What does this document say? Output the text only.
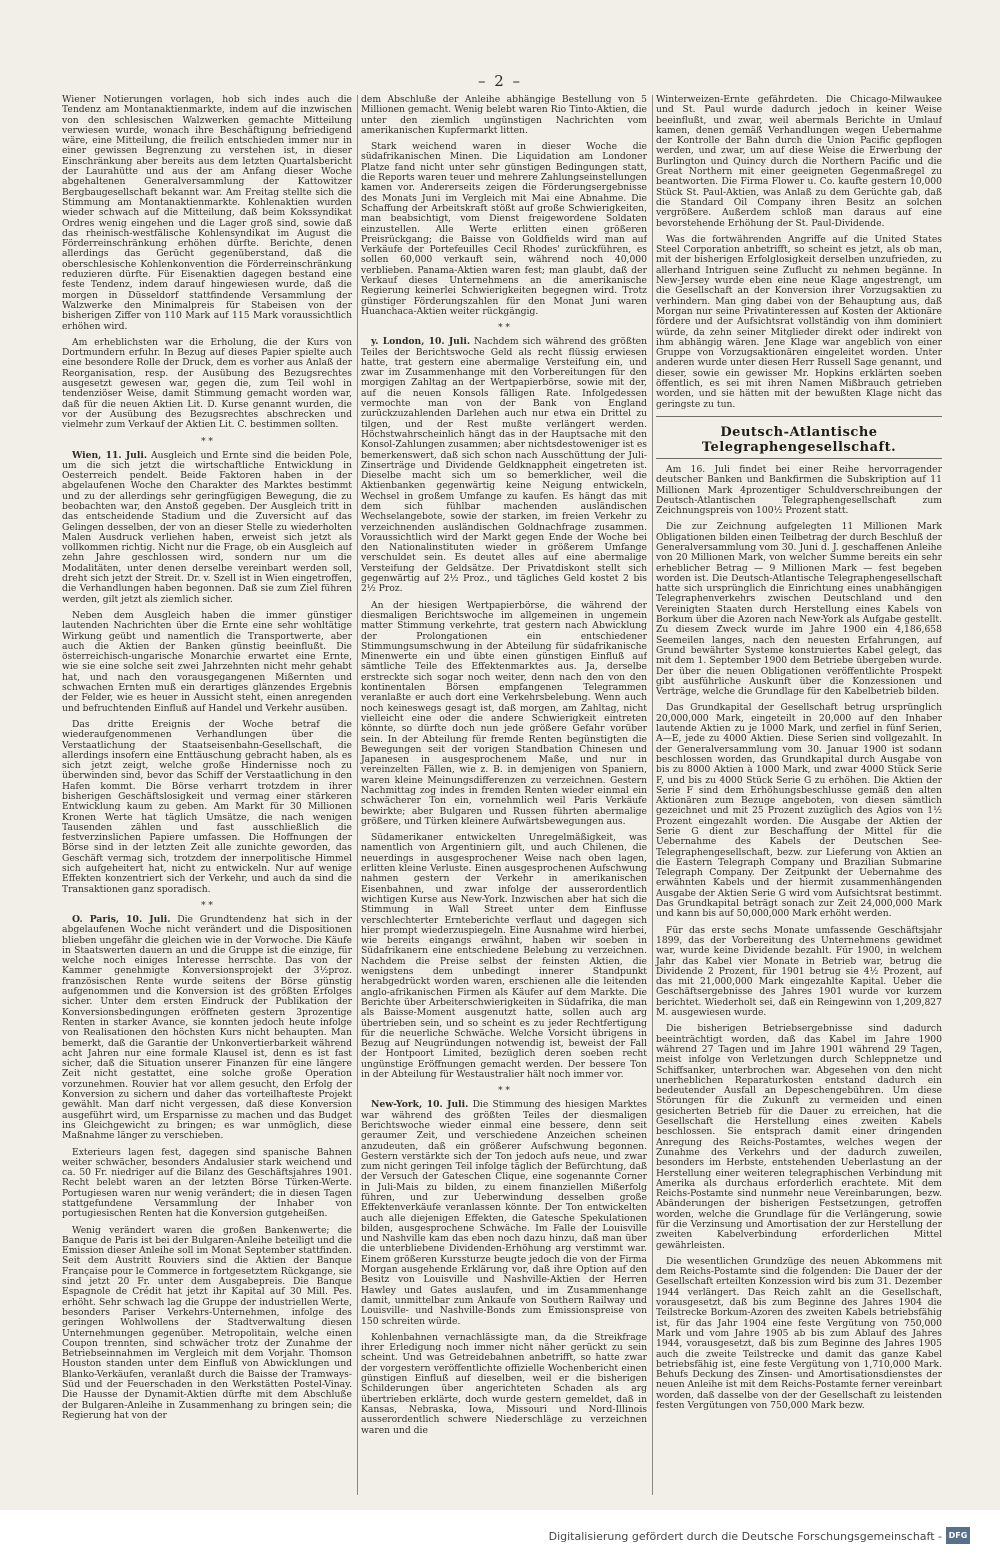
– 2 –

Wiener Notierungen vorlagen, hob sich indes auch die Tendenz am Montanaktienmarkte, indem auf die inzwischen von den schlesischen Walzwerken gemachte Mitteilung verwiesen wurde, wonach ihre Beschäftigung befriedigend wäre, eine Mitteilung, die freilich entschieden immer nur in einer gewissen Begrenzung zu verstehen ist, in dieser Einschränkung aber bereits aus dem letzten Quartalsbericht der Laurahütte und aus der am Anfang dieser Woche abgehaltenen Generalversammlung der Kattowitzer Bergbaugesellschaft bekannt war. Am Freitag stellte sich die Stimmung am Montanaktienmarkte. Kohlenaktien wurden wieder schwach auf die Mitteilung, daß beim Kokssyndikat Ordres wenig eingehen und die Lager groß sind, sowie daß das rheinisch-westfälische Kohlensyndikat im August die Förderreinschränkung erhöhen dürfte. Berichte, denen allerdings das Gerücht gegenüberstand, daß die oberschlesische Kohlenkonvention die Förderreinschränkung reduzieren dürfte. Für Eisenaktien dagegen bestand eine feste Tendenz, indem darauf hingewiesen wurde, daß die morgen in Düsseldorf stattfindende Versammlung der Walzwerke den Minimalpreis für Stabeisen von der bisherigen Ziffer von 110 Mark auf 115 Mark voraussichtlich erhöhen wird.

Am erheblichsten war die Erholung, die der Kurs von Dortmundern erfuhr. In Bezug auf dieses Papier spielte auch eine besondere Rolle der Druck, dem es vorher aus Anlaß der Reorganisation, resp. der Ausübung des Bezugsrechtes ausgesetzt gewesen war, gegen die, zum Teil wohl in tendenziöser Weise, damit Stimmung gemacht worden war, daß für die neuen Aktien Lit. D. Kurse genannt wurden, die vor der Ausübung des Bezugsrechtes abschrecken und vielmehr zum Verkauf der Aktien Lit. C. bestimmen sollten.

* *

Wien, 11. Juli. Ausgleich und Ernte sind die beiden Pole, um die sich jetzt die wirtschaftliche Entwicklung in Oesterreich pendelt. Beide Faktoren haben in der abgelaufenen Woche den Charakter des Marktes bestimmt und zu der allerdings sehr geringfügigen Bewegung, die zu beobachten war, den Anstoß gegeben. Der Ausgleich tritt in das entscheidende Stadium und die Zuversicht auf das Gelingen desselben, der von an dieser Stelle zu wiederholten Malen Ausdruck verliehen haben, erweist sich jetzt als vollkommen richtig. Nicht nur die Frage, ob ein Ausgleich auf zehn Jahre geschlossen wird, sondern nur um die Modalitäten, unter denen derselbe vereinbart werden soll, dreht sich jetzt der Streit. Dr. v. Szell ist in Wien eingetroffen, die Verhandlungen haben begonnen. Daß sie zum Ziel führen werden, gilt jetzt als ziemlich sicher.

Neben dem Ausgleich haben die immer günstiger lautenden Nachrichten über die Ernte eine sehr wohltätige Wirkung geübt und namentlich die Transportwerte, aber auch die Aktien der Banken günstig beeinflußt. Die österreichisch-ungarische Monarchie erwartet eine Ernte, wie sie eine solche seit zwei Jahrzehnten nicht mehr gehabt hat, und nach den vorausgegangenen Mißernten und schwachen Ernten muß ein derartiges glänzendes Ergebnis der Felder, wie es heuer in Aussicht steht, einen anregenden und befruchtenden Einfluß auf Handel und Verkehr ausüben.

Das dritte Ereignis der Woche betraf die wiederaufgenommenen Verhandlungen über die Verstaatlichung der Staatseisenbahn-Gesellschaft, die allerdings insofern eine Enttäuschung gebracht haben, als es sich jetzt zeigt, welche große Hindernisse noch zu überwinden sind, bevor das Schiff der Verstaatlichung in den Hafen kommt. Die Börse verharrt trotzdem in ihrer bisherigen Geschäftslosigkeit und vermag einer stärkeren Entwicklung kaum zu geben. Am Markt für 30 Millionen Kronen Werte hat täglich Umsätze, die nach wenigen Tausenden zählen und fast ausschließlich die festverzinslichen Papiere umfassen. Die Hoffnungen der Börse sind in der letzten Zeit alle zunichte geworden, das Geschäft vermag sich, trotzdem der innerpolitische Himmel sich aufgeheitert hat, nicht zu entwickeln. Nur auf wenige Effekten konzentriert sich der Verkehr, und auch da sind die Transaktionen ganz sporadisch.

* *

O. Paris, 10. Juli. Die Grundtendenz hat sich in der abgelaufenen Woche nicht verändert und die Dispositionen blieben ungefähr die gleichen wie in der Vorwoche. Die Käufe in Staatswerten dauern an und die Gruppe ist die einzige, für welche noch einiges Interesse herrschte. Das von der Kammer genehmigte Konversionsprojekt der 3½proz. französischen Rente wurde seitens der Börse günstig aufgenommen und die Konversion ist des größten Erfolges sicher. Unter dem ersten Eindruck der Publikation der Konversionsbedingungen eröffneten gestern 3prozentige Renten in starker Avance, sie konnten jedoch heute infolge von Realisationen den höchsten Kurs nicht behaupten. Man bemerkt, daß die Garantie der Unkonvertierbarkeit während acht Jahren nur eine formale Klausel ist, denn es ist fast sicher, daß die Situation unserer Finanzen für eine längere Zeit nicht gestattet, eine solche große Operation vorzunehmen. Rouvier hat vor allem gesucht, den Erfolg der Konversion zu sichern und daher das vorteilhafteste Projekt gewählt. Man darf nicht vergessen, daß diese Konversion ausgeführt wird, um Ersparnisse zu machen und das Budget ins Gleichgewicht zu bringen; es war unmöglich, diese Maßnahme länger zu verschieben.

Exterieurs lagen fest, dagegen sind spanische Bahnen weiter schwächer, besonders Andalusier stark weichend und ca. 50 Fr. niedriger auf die Bilanz des Geschäftsjahres 1901. Recht belebt waren an der letzten Börse Türken-Werte. Portugiesen waren nur wenig verändert; die in diesen Tagen stattgefundene Versammlung der Inhaber von portugiesischen Renten hat die Konversion gutgeheißen.

Wenig verändert waren die großen Bankenwerte; die Banque de Paris ist bei der Bulgaren-Anleihe beteiligt und die Emission dieser Anleihe soll im Monat September stattfinden. Seit dem Austritt Rouviers sind die Aktien der Banque Française pour le Commerce in fortgesetztem Rückgange, sie sind jetzt 20 Fr. unter dem Ausgabepreis. Die Banque Espagnole de Crédit hat jetzt ihr Kapital auf 30 Mill. Pes. erhöht. Sehr schwach lag die Gruppe der industriellen Werte, besonders Pariser Verkehrs-Unternehmen, infolge des geringen Wohlwollens der Stadtverwaltung diesen Unternehmungen gegenüber. Metropolitain, welche einen Coupon trennten, sind schwächer trotz der Zunahme der Betriebseinnahmen im Vergleich mit dem Vorjahr. Thomson Houston standen unter dem Einfluß von Abwicklungen und Blanko-Verkäufen, veranlaßt durch die Baisse der Tramways-Süd und der Feuerschaden in den Werkstätten Postel-Vinay. Die Hausse der Dynamit-Aktien dürfte mit dem Abschluße der Bulgaren-Anleihe in Zusammenhang zu bringen sein; die Regierung hat von der

dem Abschluße der Anleihe abhängige Bestellung von 5 Millionen gemacht. Wenig belebt waren Rio Tinto-Aktien, die unter den ziemlich ungünstigen Nachrichten vom amerikanischen Kupfermarkt litten.

Stark weichend waren in dieser Woche die südafrikanischen Minen. Die Liquidation am Londoner Platze fand nicht unter sehr günstigen Bedingungen statt, die Reports waren teuer und mehrere Zahlungseinstellungen kamen vor. Andererseits zeigen die Förderungsergebnisse des Monats Juni im Vergleich mit Mai eine Abnahme. Die Schaffung der Arbeitskraft stößt auf große Schwierigkeiten, man beabsichtigt, vom Dienst freigewordene Soldaten einzustellen. Alle Werte erlitten einen größeren Preisrückgang; die Baisse von Goldfields wird man auf Verkäufe der Portefeuilles Cecil Rhodes' zurückführen, es sollen 60,000 verkauft sein, während noch 40,000 verblieben. Panama-Aktien waren fest; man glaubt, daß der Verkauf dieses Unternehmens an die amerikanische Regierung keinerlei Schwierigkeiten begegnen wird. Trotz günstiger Förderungszahlen für den Monat Juni waren Huanchaca-Aktien weiter rückgängig.

* *

y. London, 10. Juli. Nachdem sich während des größten Teiles der Berichtswoche Geld als recht flüssig erwiesen hatte, trat gestern eine abermalige Versteifung ein, und zwar im Zusammenhange mit den Vorbereitungen für den morgigen Zahltag an der Wertpapierbörse, sowie mit der, auf die neuen Konsols fälligen Rate. Infolgedessen vermochte man von der Bank von England zurückzuzahlenden Darlehen auch nur etwa ein Drittel zu tilgen, und der Rest mußte verlängert werden. Höchstwahrscheinlich hängt das in der Hauptsache mit den Konsol-Zahlungen zusammen; aber nichtsdestoweniger ist es bemerkenswert, daß sich schon nach Ausschüttung der Juli-Zinserträge und Dividende Geldknappheit eingetreten ist. Dieselbe macht sich um so bemerklicher, weil die Aktienbanken gegenwärtig keine Neigung entwickeln, Wechsel in großem Umfange zu kaufen. Es hängt das mit dem sich fühlbar machenden ausländischen Wechselangebote, sowie der starken, im freien Verkehr zu verzeichnenden ausländischen Goldnachfrage zusammen. Voraussichtlich wird der Markt gegen Ende der Woche bei den Nationalinstituten wieder in größerem Umfange verschuldet sein. Es deutet alles auf eine abermalige Versteifung der Geldsätze. Der Privatdiskont stellt sich gegenwärtig auf 2½ Proz., und tägliches Geld kostet 2 bis 2½ Proz.

An der hiesigen Wertpapierbörse, die während der diesmaligen Berichtswoche im allgemeinen in ungemein matter Stimmung verkehrte, trat gestern nach Abwicklung der Prolongationen ein entschiedener Stimmungsumschwung in der Abteilung für südafrikanische Minenwerte ein und übte einen günstigen Einfluß auf sämtliche Teile des Effektenmarktes aus. Ja, derselbe erstreckte sich sogar noch weiter, denn nach den von den kontinentalen Börsen empfangenen Telegrammen veranlaßte er auch dort eine Verkehrsbelebung. Wenn auch noch keineswegs gesagt ist, daß morgen, am Zahltag, nicht vielleicht eine oder die andere Schwierigkeit eintreten könnte, so dürfte doch nun jede größere Gefahr vorüber sein. In der Abteilung für fremde Renten begünstigten die Bewegungen seit der vorigen Standbation Chinesen und Japanesen in ausgesprochenem Maße, und nur in vereinzelten Fällen, wie z. B. in demjenigen von Spaniern, waren kleine Meinungsdifferenzen zu verzeichnen. Gestern Nachmittag zog indes in fremden Renten wieder einmal ein schwächerer Ton ein, vornehmlich weil Paris Verkäufe bewirkte; aber Bulgaren und Russen führten abermalige größere, und Türken kleinere Aufwärtsbewegungen aus.

Südamerikaner entwickelten Unregelmäßigkeit, was namentlich von Argentiniern gilt, und auch Chilenen, die neuerdings in ausgesprochener Weise nach oben lagen, erlitten kleine Verluste. Einen ausgesprochenen Aufschwung nahmen gestern der Verkehr in amerikanischen Eisenbahnen, und zwar infolge der ausserordentlich wichtigen Kurse aus New-York. Inzwischen aber hat sich die Stimmung in Wall Street unter dem Einflusse verschlechterter Ernteberichte verflaut und dagegen sich hier prompt wiederzuspiegeln. Eine Ausnahme wird hierbei, wie bereits eingangs erwähnt, haben wir soeben in Südafrikanern eine entschiedene Belebung zu verzeichnen. Nachdem die Preise selbst der feinsten Aktien, die wenigstens dem unbedingt innerer Standpunkt herabgedrückt worden waren, erschienen alle die leitenden anglo-afrikanischen Firmen als Käufer auf dem Markte. Die Berichte über Arbeiterschwierigkeiten in Südafrika, die man als Baisse-Moment ausgenutzt hatte, sollen auch arg übertrieben sein, und so scheint es zu jeder Rechtfertigung für die neuerliche Schwäche. Welche Vorsicht übrigens in Bezug auf Neugründungen notwendig ist, beweist der Fall der Hontpoort Limited, bezüglich deren soeben recht ungünstige Eröffnungen gemacht werden. Der bessere Ton in der Abteilung für Westaustralier hält noch immer vor.

* *

New-York, 10. Juli. Die Stimmung des hiesigen Marktes war während des größten Teiles der diesmaligen Berichtswoche wieder einmal eine bessere, denn seit geraumer Zeit, und verschiedene Anzeichen scheinen anzudeuten, daß ein größerer Aufschwung begonnen. Gestern verstärkte sich der Ton jedoch aufs neue, und zwar zum nicht geringen Teil infolge täglich der Befürchtung, daß der Versuch der Gateschen Clique, eine sogenannte Corner in Juli-Mais zu bilden, zu einem finanziellen Mißerfolg führen, und zur Ueberwindung desselben große Effektenverkäufe veranlassen könnte. Der Ton entwickelten auch alle diejenigen Effekten, die Gatesche Spekulationen bilden, ausgesprochene Schwäche. Im Falle der Louisville und Nashville kam das eben noch dazu hinzu, daß man über die unterbliebene Dividenden-Erhöhung arg verstimmt war. Einem größeren Kurssturze beugte jedoch die von der Firma Morgan ausgehende Erklärung vor, daß ihre Option auf den Besitz von Louisville und Nashville-Aktien der Herren Hawley und Gates auslaufen, und im Zusammenhange damit, unmittelbar zum Ankaufe von Southern Railway und Louisville- und Nashville-Bonds zum Emissionspreise von 150 schreiten würde.

Kohlenbahnen vernachlässigte man, da die Streikfrage ihrer Erledigung noch immer nicht näher gerückt zu sein scheint. Und was Getreidebahnen anbetrifft, so hatte zwar der vorgestern veröffentlichte offizielle Wochenbericht einen günstigen Einfluß auf dieselben, weil er die bisherigen Schilderungen über angerichteten Schaden als arg übertrieben erklärte, doch wurde gestern gemeldet, daß in Kansas, Nebraska, Iowa, Missouri und Nord-Illinois ausserordentlich schwere Niederschläge zu verzeichnen waren und die

Winterweizen-Ernte gefährdeten. Die Chicago-Milwaukee und St. Paul wurde dadurch jedoch in keiner Weise beeinflußt, und zwar, weil abermals Berichte in Umlauf kamen, denen gemäß Verhandlungen wegen Uebernahme der Kontrolle der Bahn durch die Union Pacific gepflogen werden, und zwar, um auf diese Weise die Erwerbung der Burlington und Quincy durch die Northern Pacific und die Great Northern mit einer geeigneten Gegenmaßregel zu beantworten. Die Firma Flower u. Co. kaufte gestern 10,000 Stück St. Paul-Aktien, was Anlaß zu dem Gerüchte gab, daß die Standard Oil Company ihren Besitz an solchen vergrößere. Außerdem schloß man daraus auf eine bevorstehende Erhöhung der St. Paul-Dividende.

Was die fortwährenden Angriffe auf die United States Steel Corporation anbetrifft, so scheint es jetzt, als ob man, mit der bisherigen Erfolglosigkeit derselben unzufrieden, zu allerhand Intriguen seine Zuflucht zu nehmen begänne. In New-Jersey wurde eben eine neue Klage angestrengt, um die Gesellschaft an der Konversion ihrer Vorzugsaktien zu verhindern. Man ging dabei von der Behauptung aus, daß Morgan nur seine Privatinteressen auf Kosten der Aktionäre fördere und der Aufsichtsrat vollständig von ihm dominiert würde, da zehn seiner Mitglieder direkt oder indirekt von ihm abhängig wären. Jene Klage war angeblich von einer Gruppe von Vorzugsaktionären eingeleitet worden. Unter anderen wurde unter diesen Herr Russell Sage genannt, und dieser, sowie ein gewisser Mr. Hopkins erklärten soeben öffentlich, es sei mit ihren Namen Mißbrauch getrieben worden, und sie hätten mit der bewußten Klage nicht das geringste zu tun.

Deutsch-Atlantische Telegraphengesellschaft.

Am 16. Juli findet bei einer Reihe hervorragender deutscher Banken und Bankfirmen die Subskription auf 11 Millionen Mark 4prozentiger Schuldverschreibungen der Deutsch-Atlantischen Telegraphengesellschaft zum Zeichnungspreis von 100½ Prozent statt.

Die zur Zeichnung aufgelegten 11 Millionen Mark Obligationen bilden einen Teilbetrag der durch Beschluß der Generalversammlung vom 30. Juni d. J. geschaffenen Anleihe von 20 Millionen Mark, von welcher Summe bereits ein sehr erheblicher Betrag — 9 Millionen Mark — fest begeben worden ist. Die Deutsch-Atlantische Telegraphengesellschaft hatte sich ursprünglich die Einrichtung eines unabhängigen Telegraphenverkehrs zwischen Deutschland und den Vereinigten Staaten durch Herstellung eines Kabels von Borkum über die Azoren nach New-York als Aufgabe gestellt. Zu diesem Zweck wurde im Jahre 1900 ein 4,186,658 Seemeilen langes, nach den neuesten Erfahrungen, auf Grund bewährter Systeme konstruiertes Kabel gelegt, das mit dem 1. September 1900 dem Betriebe übergeben wurde. Der über die neuen Obligationen veröffentlichte Prospekt gibt ausführliche Auskunft über die Konzessionen und Verträge, welche die Grundlage für den Kabelbetrieb bilden.

Das Grundkapital der Gesellschaft betrug ursprünglich 20,000,000 Mark, eingeteilt in 20,000 auf den Inhaber lautende Aktien zu je 1000 Mark, und zerfiel in fünf Serien, A—E, jede zu 4000 Aktien. Diese Serien sind vollgezahlt. In der Generalversammlung vom 30. Januar 1900 ist sodann beschlossen worden, das Grundkapital durch Ausgabe von bis zu 8000 Aktien à 1000 Mark, und zwar 4000 Stück Serie F, und bis zu 4000 Stück Serie G zu erhöhen. Die Aktien der Serie F sind dem Erhöhungsbeschlusse gemäß den alten Aktionären zum Bezuge angeboten, von diesen sämtlich gezeichnet und mit 25 Prozent zuzüglich des Agios von 1½ Prozent eingezahlt worden. Die Ausgabe der Aktien der Serie G dient zur Beschaffung der Mittel für die Uebernahme des Kabels der Deutschen See-Telegraphengesellschaft, bezw. zur Lieferung von Aktien an die Eastern Telegraph Company und Brazilian Submarine Telegraph Company. Der Zeitpunkt der Uebernahme des erwähnten Kabels und der hiermit zusammenhängenden Ausgabe der Aktien Serie G wird vom Aufsichtsrat bestimmt. Das Grundkapital beträgt sonach zur Zeit 24,000,000 Mark und kann bis auf 50,000,000 Mark erhöht werden.

Für das erste sechs Monate umfassende Geschäftsjahr 1899, das der Vorbereitung des Unternehmens gewidmet war, wurde keine Dividende bezahlt. Für 1900, in welchem Jahr das Kabel vier Monate in Betrieb war, betrug die Dividende 2 Prozent, für 1901 betrug sie 4½ Prozent, auf das mit 21,000,000 Mark eingezahlte Kapital. Ueber die Geschäftsergebnisse des Jahres 1901 wurde vor kurzem berichtet. Wiederholt sei, daß ein Reingewinn von 1,209,827 M. ausgewiesen wurde.

Die bisherigen Betriebsergebnisse sind dadurch beeinträchtigt worden, daß das Kabel im Jahre 1900 während 27 Tagen und im Jahre 1901 während 29 Tagen, meist infolge von Verletzungen durch Schleppnetze und Schiffsanker, unterbrochen war. Abgesehen von den nicht unerheblichen Reparaturkosten entstand dadurch ein bedeutender Ausfall an Depeschengebühren. Um diese Störungen für die Zukunft zu vermeiden und einen gesicherten Betrieb für die Dauer zu erreichen, hat die Gesellschaft die Herstellung eines zweiten Kabels beschlossen. Sie entsprach damit einer dringenden Anregung des Reichs-Postamtes, welches wegen der Zunahme des Verkehrs und der dadurch zuweilen, besonders im Herbste, entstehenden Ueberlastung an der Herstellung einer weiteren telegraphischen Verbindung mit Amerika als durchaus erforderlich erachtete. Mit dem Reichs-Postamte sind nunmehr neue Vereinbarungen, bezw. Abänderungen der bisherigen Festsetzungen, getroffen worden, welche die Grundlage für die Verlängerung, sowie für die Verzinsung und Amortisation der zur Herstellung der zweiten Kabelverbindung erforderlichen Mittel gewährleisten.

Die wesentlichen Grundzüge des neuen Abkommens mit dem Reichs-Postamte sind die folgenden: Die Dauer der der Gesellschaft erteilten Konzession wird bis zum 31. Dezember 1944 verlängert. Das Reich zahlt an die Gesellschaft, vorausgesetzt, daß bis zum Beginne des Jahres 1904 die Teilstrecke Borkum-Azoren des zweiten Kabels betriebsfähig ist, für das Jahr 1904 eine feste Vergütung von 750,000 Mark und vom Jahre 1905 ab bis zum Ablauf des Jahres 1944, vorausgesetzt, daß bis zum Beginne des Jahres 1905 auch die zweite Teilstrecke und damit das ganze Kabel betriebsfähig ist, eine feste Vergütung von 1,710,000 Mark. Behufs Deckung des Zinsen- und Amortisationsdienstes der neuen Anleihe ist mit dem Reichs-Postamte ferner vereinbart worden, daß dasselbe von der der Gesellschaft zu leistenden festen Vergütungen von 750,000 Mark bezw.

Digitalisierung gefördert durch die Deutsche Forschungsgemeinschaft - DFG
